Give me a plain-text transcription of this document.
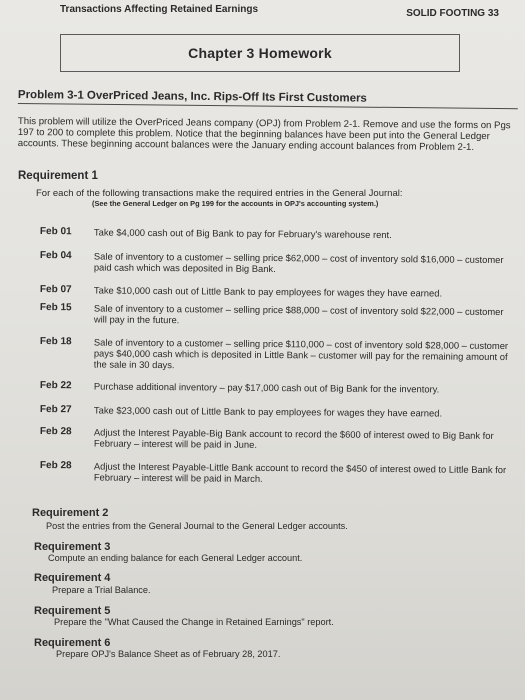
Transactions Affecting Retained Earnings	SOLID FOOTING 33
Chapter 3 Homework
Problem 3-1 OverPriced Jeans, Inc. Rips-Off Its First Customers
This problem will utilize the OverPriced Jeans company (OPJ) from Problem 2-1. Remove and use the forms on Pgs 197 to 200 to complete this problem. Notice that the beginning balances have been put into the General Ledger accounts. These beginning account balances were the January ending account balances from Problem 2-1.
Requirement 1
For each of the following transactions make the required entries in the General Journal:
(See the General Ledger on Pg 199 for the accounts in OPJ's accounting system.)
Feb 01	Take $4,000 cash out of Big Bank to pay for February's warehouse rent.
Feb 04	Sale of inventory to a customer – selling price $62,000 – cost of inventory sold $16,000 – customer paid cash which was deposited in Big Bank.
Feb 07	Take $10,000 cash out of Little Bank to pay employees for wages they have earned.
Feb 15	Sale of inventory to a customer – selling price $88,000 – cost of inventory sold $22,000 – customer will pay in the future.
Feb 18	Sale of inventory to a customer – selling price $110,000 – cost of inventory sold $28,000 – customer pays $40,000 cash which is deposited in Little Bank – customer will pay for the remaining amount of the sale in 30 days.
Feb 22	Purchase additional inventory – pay $17,000 cash out of Big Bank for the inventory.
Feb 27	Take $23,000 cash out of Little Bank to pay employees for wages they have earned.
Feb 28	Adjust the Interest Payable-Big Bank account to record the $600 of interest owed to Big Bank for February – interest will be paid in June.
Feb 28	Adjust the Interest Payable-Little Bank account to record the $450 of interest owed to Little Bank for February – interest will be paid in March.
Requirement 2
Post the entries from the General Journal to the General Ledger accounts.
Requirement 3
Compute an ending balance for each General Ledger account.
Requirement 4
Prepare a Trial Balance.
Requirement 5
Prepare the "What Caused the Change in Retained Earnings" report.
Requirement 6
Prepare OPJ's Balance Sheet as of February 28, 2017.
